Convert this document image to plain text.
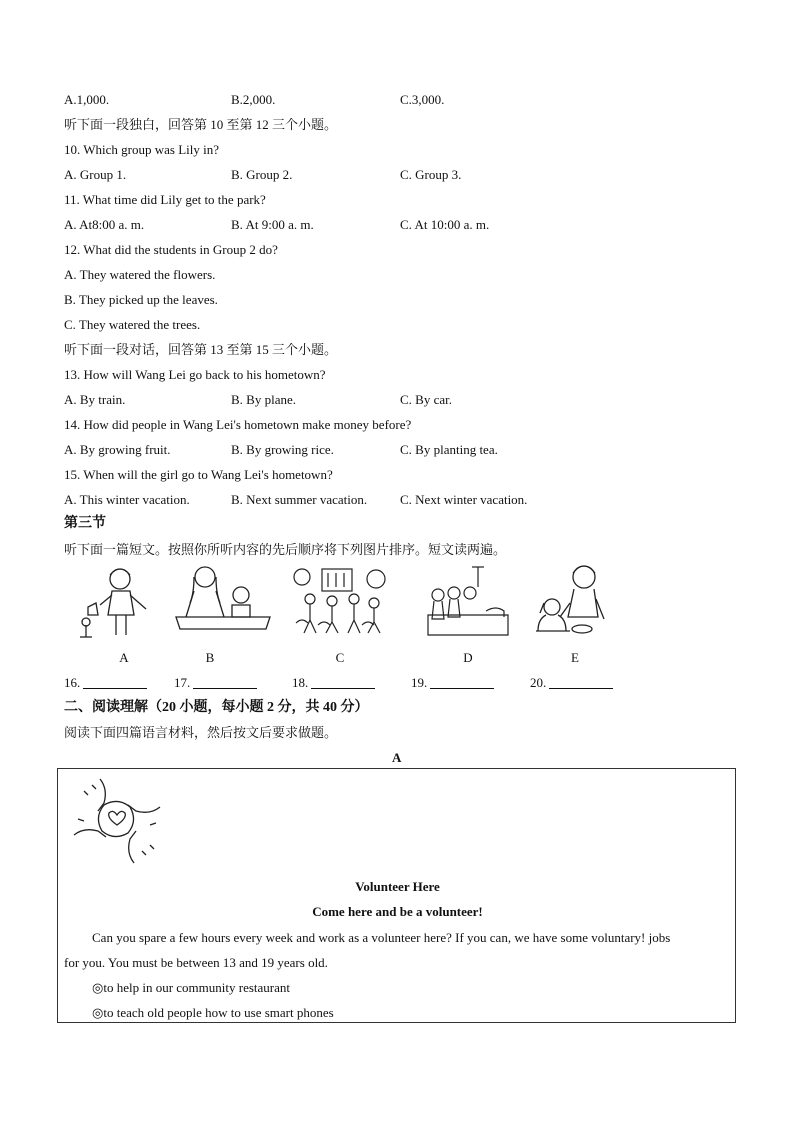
A.1,000.	B.2,000.	C.3,000.
听下面一段独白，回答第 10 至第 12 三个小题。
10. Which group was Lily in?
A. Group 1.	B. Group 2.	C. Group 3.
11. What time did Lily get to the park?
A. At8:00 a. m.	B. At 9:00 a. m.	C. At 10:00 a. m.
12. What did the students in Group 2 do?
A. They watered the flowers.
B. They picked up the leaves.
C. They watered the trees.
听下面一段对话，回答第 13 至第 15 三个小题。
13. How will Wang Lei go back to his hometown?
A. By train.	B. By plane.	C. By car.
14. How did people in Wang Lei's hometown make money before?
A. By growing fruit.	B. By growing rice.	C. By planting tea.
15. When will the girl go to Wang Lei's hometown?
A. This winter vacation.	B. Next summer vacation.	C. Next winter vacation.
第三节
听下面一篇短文。按照你所听内容的先后顺序将下列图片排序。短文读两遍。
A	B	C	D	E
16.	17.	18.	19.	20.
二、阅读理解（20 小题，每小题 2 分，共 40 分）
阅读下面四篇语言材料，然后按文后要求做题。
A
Volunteer Here
Come here and be a volunteer!
Can you spare a few hours every week and work as a volunteer here? If you can, we have some voluntary! jobs
for you. You must be between 13 and 19 years old.
◎to help in our community restaurant
◎to teach old people how to use smart phones
